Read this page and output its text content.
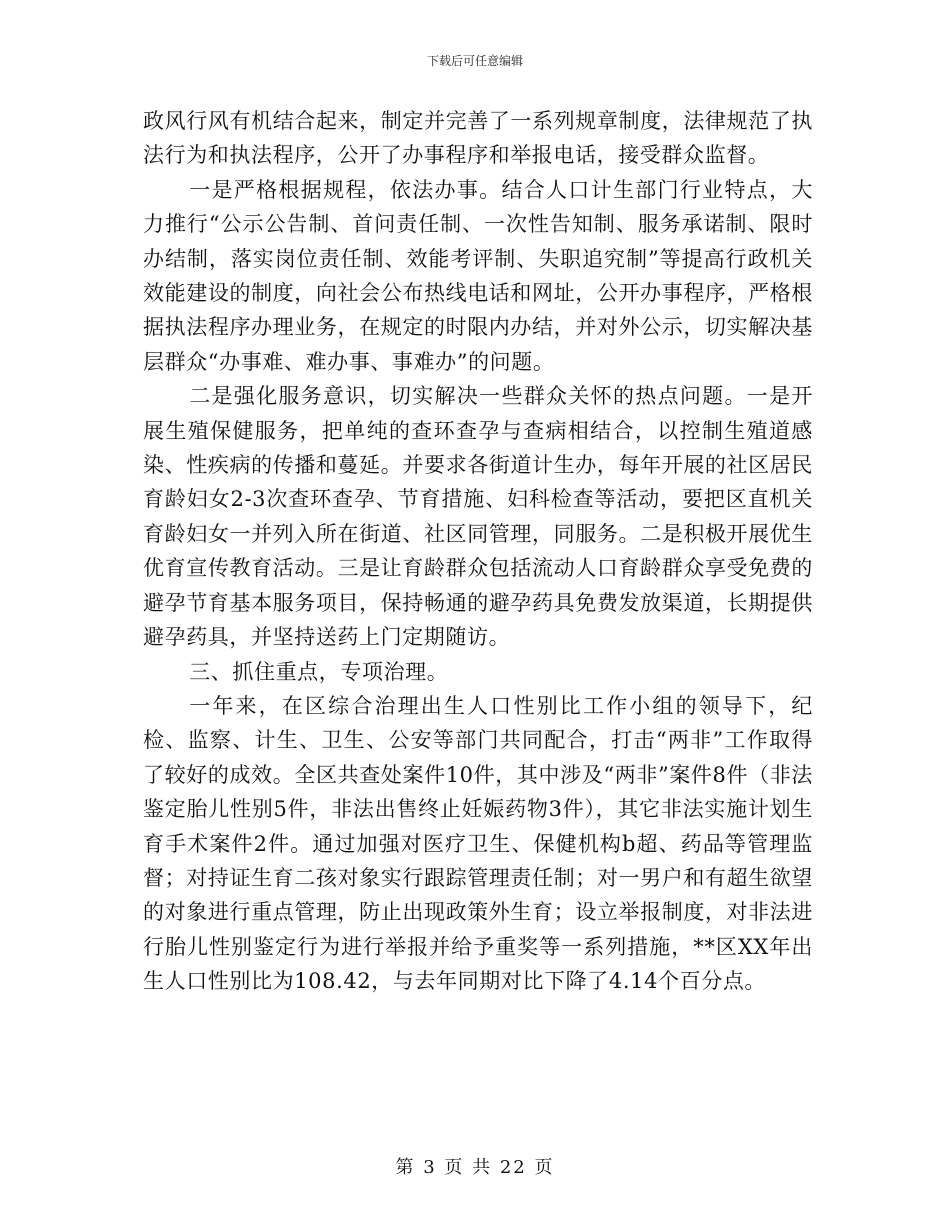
下载后可任意编辑

政风行风有机结合起来，制定并完善了一系列规章制度，法律规范了执法行为和执法程序，公开了办事程序和举报电话，接受群众监督。

一是严格根据规程，依法办事。结合人口计生部门行业特点，大力推行“公示公告制、首问责任制、一次性告知制、服务承诺制、限时办结制，落实岗位责任制、效能考评制、失职追究制”等提高行政机关效能建设的制度，向社会公布热线电话和网址，公开办事程序，严格根据执法程序办理业务，在规定的时限内办结，并对外公示，切实解决基层群众“办事难、难办事、事难办”的问题。

二是强化服务意识，切实解决一些群众关怀的热点问题。一是开展生殖保健服务，把单纯的查环查孕与查病相结合，以控制生殖道感染、性疾病的传播和蔓延。并要求各街道计生办，每年开展的社区居民育龄妇女2-3次查环查孕、节育措施、妇科检查等活动，要把区直机关育龄妇女一并列入所在街道、社区同管理，同服务。二是积极开展优生优育宣传教育活动。三是让育龄群众包括流动人口育龄群众享受免费的避孕节育基本服务项目，保持畅通的避孕药具免费发放渠道，长期提供避孕药具，并坚持送药上门定期随访。

三、抓住重点，专项治理。

一年来，在区综合治理出生人口性别比工作小组的领导下，纪检、监察、计生、卫生、公安等部门共同配合，打击“两非”工作取得了较好的成效。全区共查处案件10件，其中涉及“两非”案件8件（非法鉴定胎儿性别5件，非法出售终止妊娠药物3件），其它非法实施计划生育手术案件2件。通过加强对医疗卫生、保健机构b超、药品等管理监督；对持证生育二孩对象实行跟踪管理责任制；对一男户和有超生欲望的对象进行重点管理，防止出现政策外生育；设立举报制度，对非法进行胎儿性别鉴定行为进行举报并给予重奖等一系列措施，**区XX年出生人口性别比为108.42，与去年同期对比下降了4.14个百分点。

第 3 页 共 22 页
